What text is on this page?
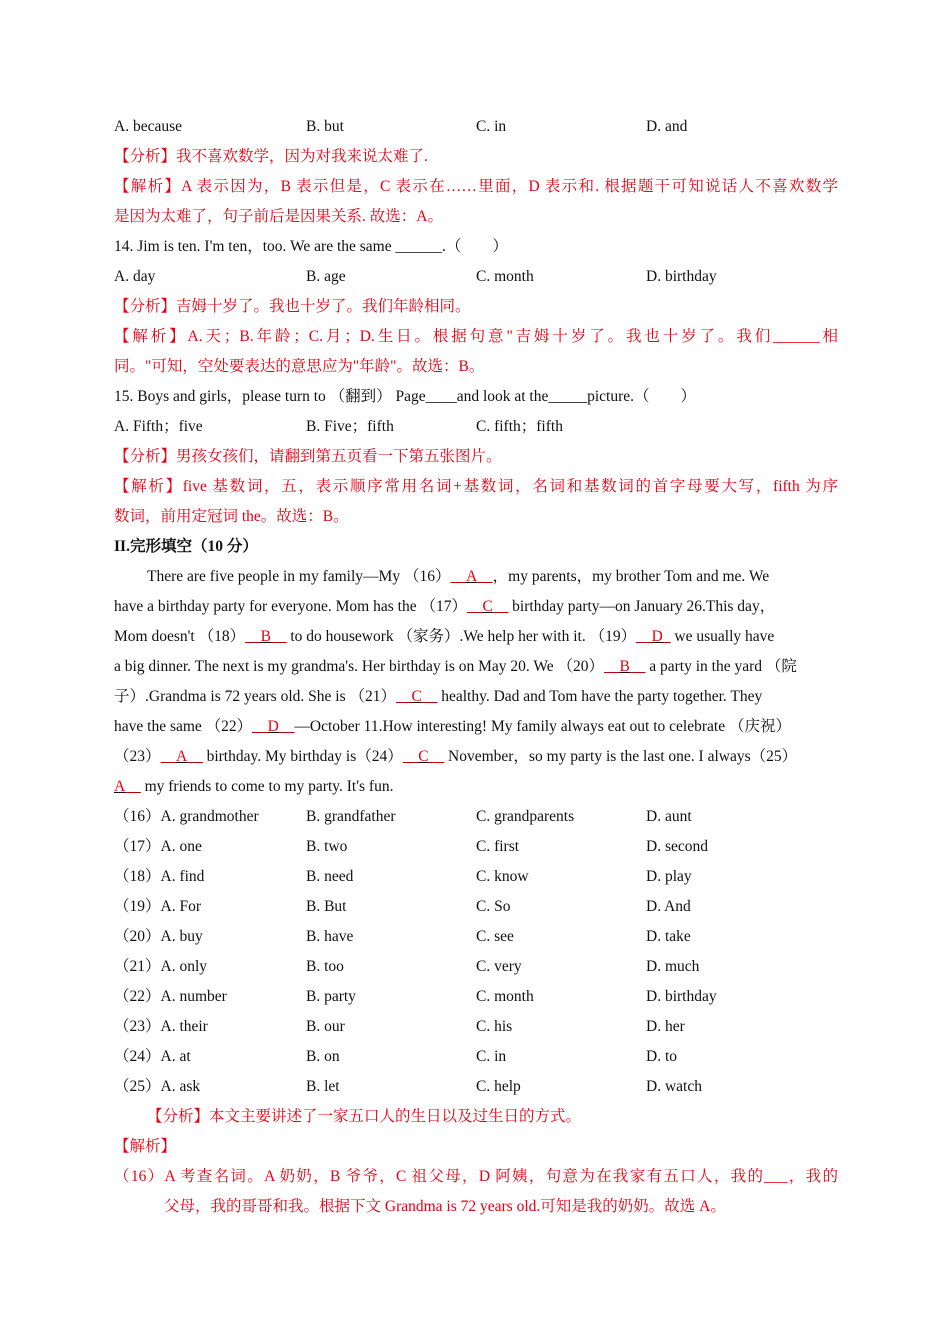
A. because	B. but	C. in	D. and
【分析】我不喜欢数学，因为对我来说太难了.
【解析】A 表示因为，B 表示但是，C 表示在……里面，D 表示和. 根据题干可知说话人不喜欢数学
是因为太难了，句子前后是因果关系. 故选：A。
14. Jim is ten. I'm ten，too. We are the same ______.（　　）
A. day	B. age	C. month	D. birthday
【分析】吉姆十岁了。我也十岁了。我们年龄相同。
【解析】A.天；B.年龄；C.月；D.生日。根据句意"吉姆十岁了。我也十岁了。我们______相
同。"可知，空处要表达的意思应为"年龄"。故选：B。
15. Boys and girls，please turn to （翻到） Page____and look at the_____picture.（　　）
A. Fifth；five	B. Five；fifth	C. fifth；fifth
【分析】男孩女孩们，请翻到第五页看一下第五张图片。
【解析】five 基数词，五，表示顺序常用名词+基数词，名词和基数词的首字母要大写，fifth 为序
数词，前用定冠词 the。故选：B。
II.完形填空（10 分）
There are five people in my family—My （16）__A__，my parents，my brother Tom and me. We
have a birthday party for everyone. Mom has the （17）__C__ birthday party—on January 26.This day，
Mom doesn't （18）__B__ to do housework （家务）.We help her with it. （19）__D_ we usually have
a big dinner. The next is my grandma's. Her birthday is on May 20. We （20）__B__ a party in the yard （院
子）.Grandma is 72 years old. She is （21）__C__ healthy. Dad and Tom have the party together. They
have the same （22）__D__—October 11.How interesting! My family always eat out to celebrate （庆祝）
（23）__A__ birthday. My birthday is（24）__C__ November，so my party is the last one. I always（25）
A__ my friends to come to my party. It's fun.
（16）A. grandmother	B. grandfather	C. grandparents	D. aunt
（17）A. one	B. two	C. first	D. second
（18）A. find	B. need	C. know	D. play
（19）A. For	B. But	C. So	D. And
（20）A. buy	B. have	C. see	D. take
（21）A. only	B. too	C. very	D. much
（22）A. number	B. party	C. month	D. birthday
（23）A. their	B. our	C. his	D. her
（24）A. at	B. on	C. in	D. to
（25）A. ask	B. let	C. help	D. watch
【分析】本文主要讲述了一家五口人的生日以及过生日的方式。
【解析】
（16）A 考查名词。A 奶奶，B 爷爷，C 祖父母，D 阿姨，句意为在我家有五口人，我的___，我的
父母，我的哥哥和我。根据下文 Grandma is 72 years old.可知是我的奶奶。故选 A。
